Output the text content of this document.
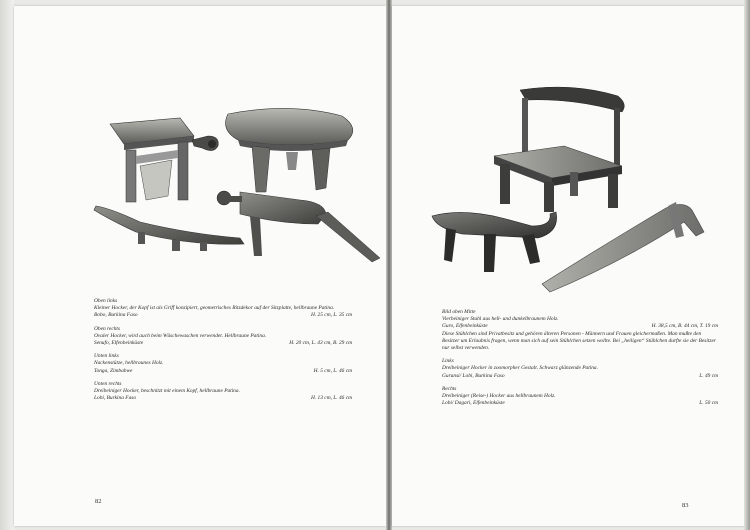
Oben links
Kleiner Hocker, der Kopf ist als Griff konzipiert, geometrisches Ritzdekor auf der Sitzplatte, hellbraune Patina.
Bobo, Burkina Faso	H. 25 cm, L. 35 cm
Oben rechts
Ovaler Hocker, wird auch beim Wäschewaschen verwendet. Hellbraune Patina.
Senufo, Elfenbeinküste	H. 20 cm, L. 43 cm, B. 29 cm
Unten links
Nackenstütze, hellbraunes Holz.
Tonga, Zimbabwe	H. 5 cm, L. 46 cm
Unten rechts
Dreibeiniger Hocker, beschnitzt mit einem Kopf, hellbraune Patina.
Lobi, Burkina Faso	H. 13 cm, L. 46 cm
82
Bild oben Mitte
Vierbeiniger Stuhl aus hell- und dunkelbraunem Holz.
Guro, Elfenbeinküste	H. 38,5 cm, B. 44 cm, T. 19 cm
Diese Stühlchen sind Privatbesitz und gehören älteren Personen - Männern und Frauen gleichermaßen. Man mußte den Besitzer um Erlaubnis fragen, wenn man sich auf sein Stühlchen setzen wollte. Bei „heiligen“ Stühlchen durfte sie der Besitzer nur selbst verwenden.
Links
Dreibeiniger Hocker in zoomorpher Gestalt. Schwarz glänzende Patina.
Gurunsi/ Lobi, Burkina Faso	L. 49 cm
Rechts
Dreibeiniger (Reise-) Hocker aus hellbraunem Holz.
Lobi/ Dagari, Elfenbeinküste	L. 50 cm
83
